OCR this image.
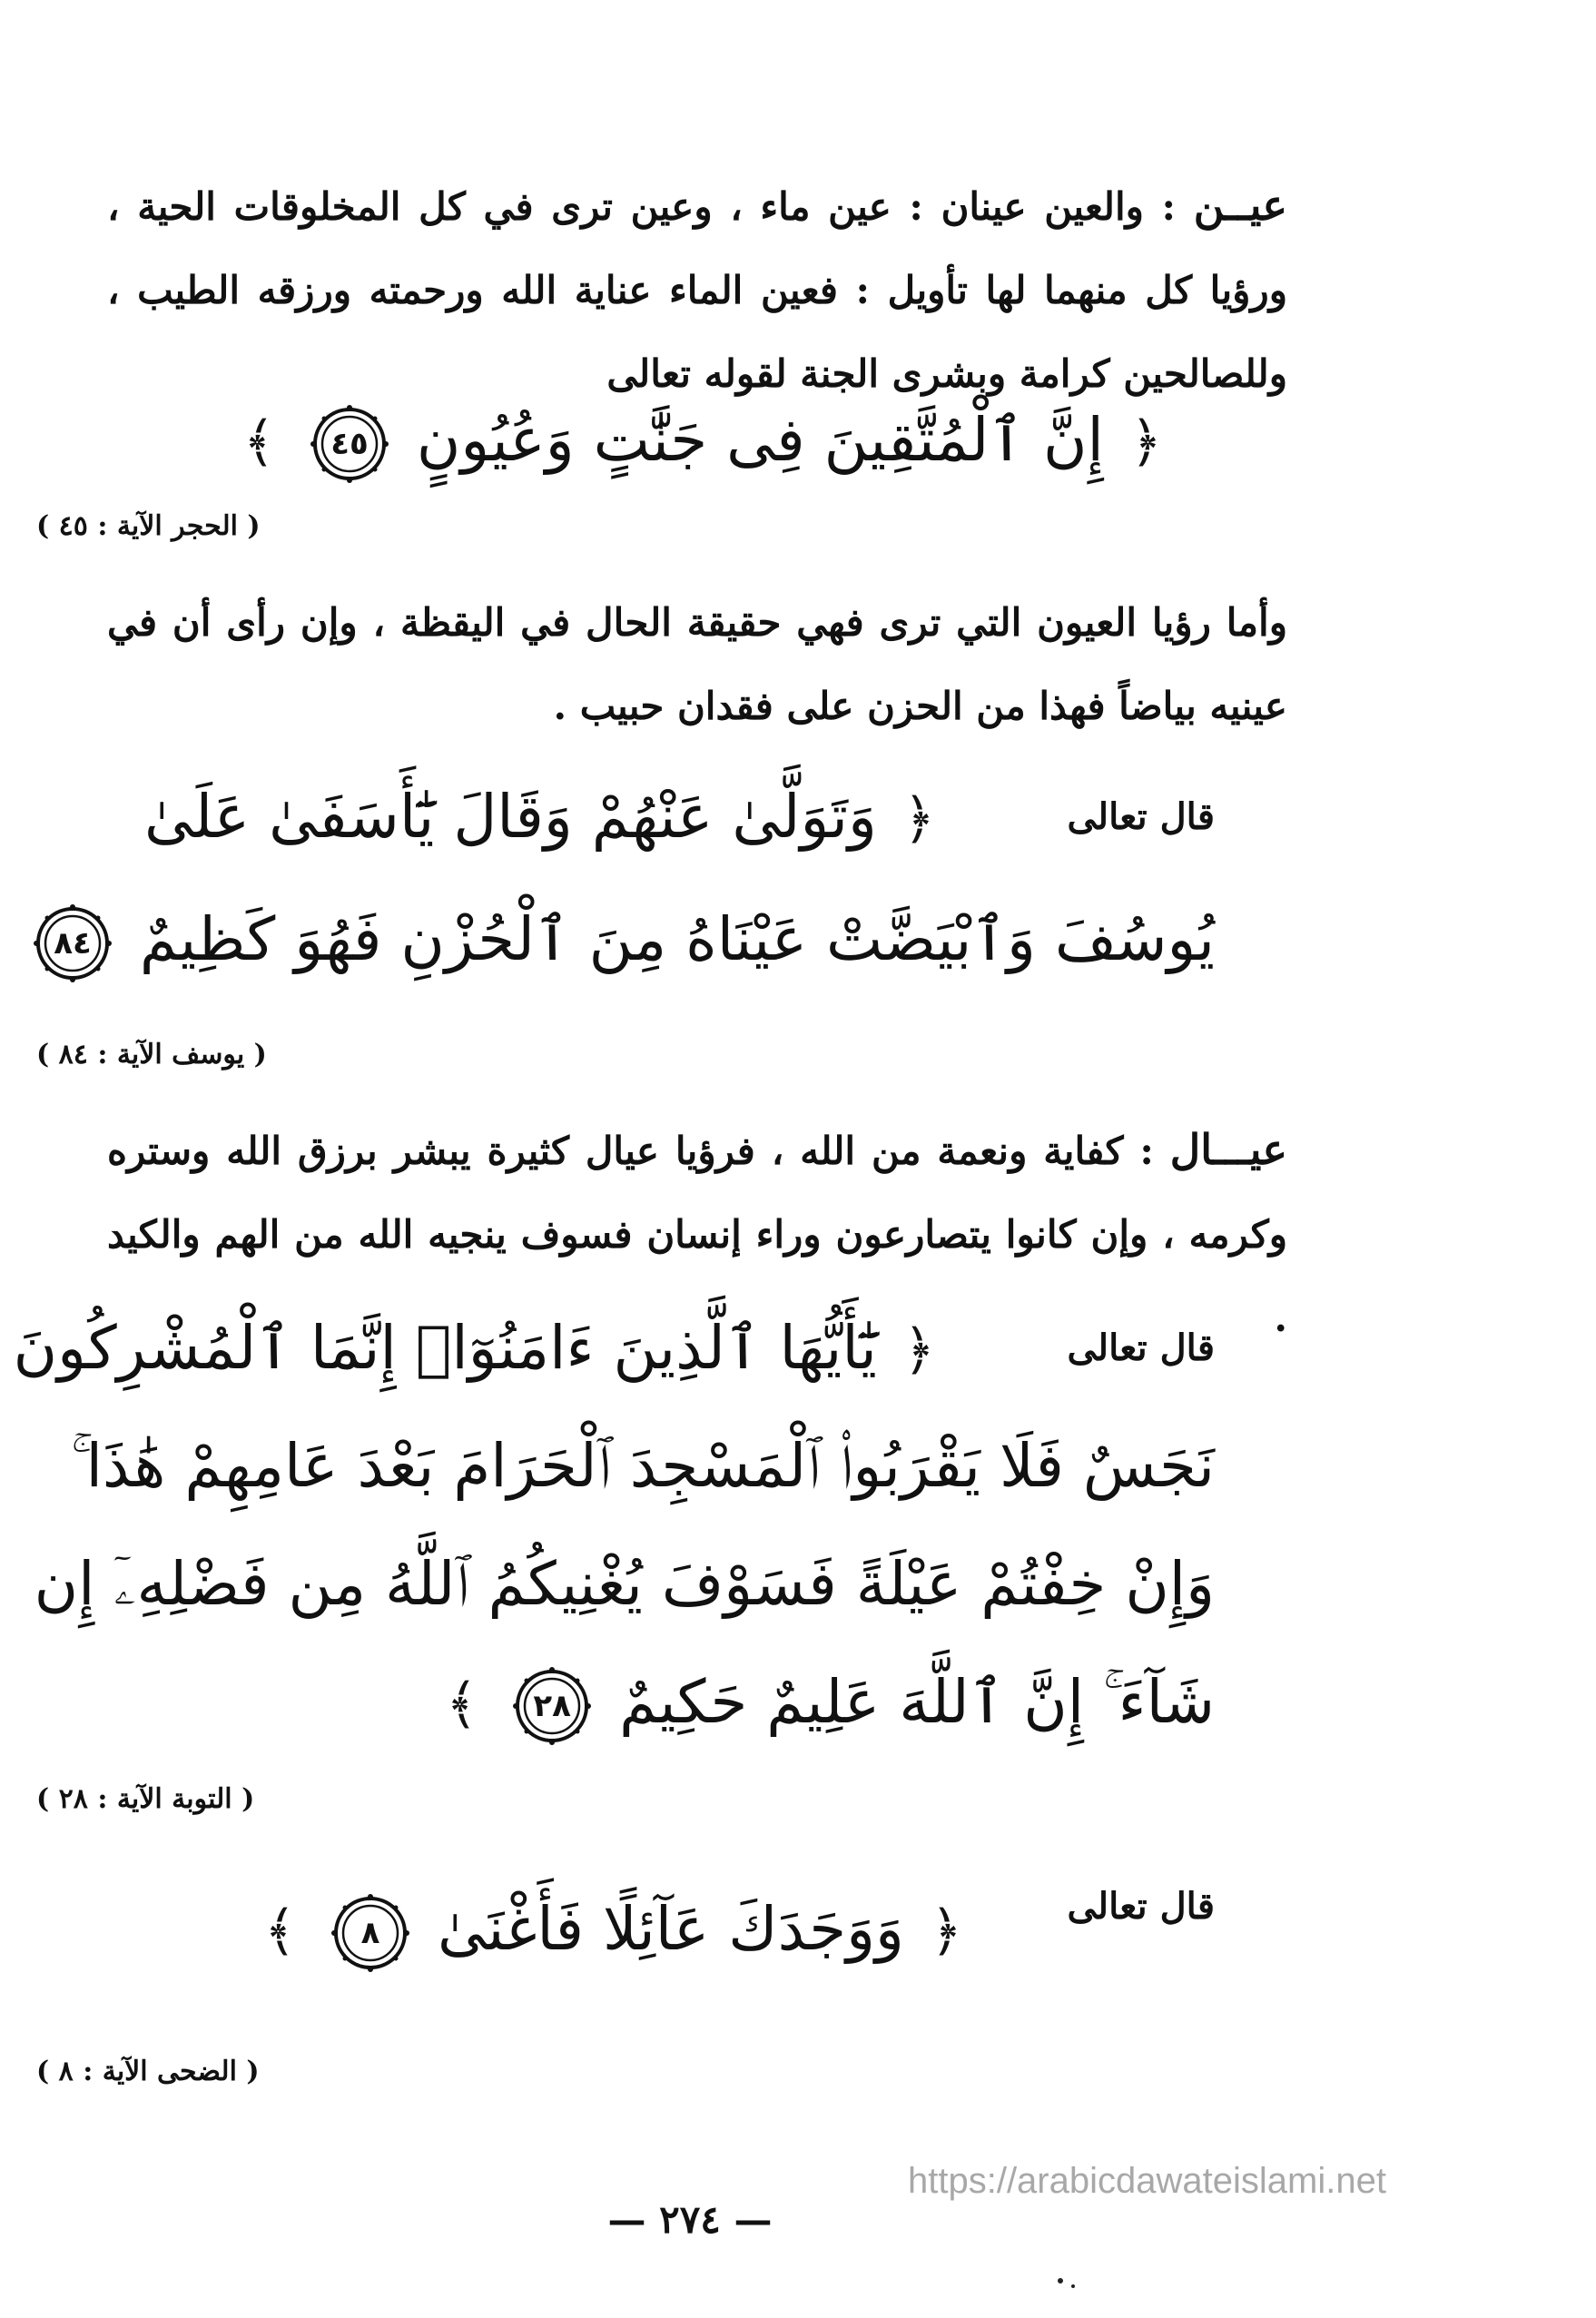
عيــن : والعين عينان : عين ماء ، وعين ترى في كل المخلوقات الحية ، ورؤيا كل منهما لها تأويل : فعين الماء عناية الله ورحمته ورزقه الطيب ، وللصالحين كرامة وبشرى الجنة لقوله تعالى
﴿ إِنَّ ٱلْمُتَّقِينَ فِى جَنَّٰتٍ وَعُيُونٍ
٤٥
﴾
( الحجر الآية : ٤٥ )
وأما رؤيا العيون التي ترى فهي حقيقة الحال في اليقظة ، وإن رأى أن في عينيه بياضاً فهذا من الحزن على فقدان حبيب .
قال تعالى
﴿ وَتَوَلَّىٰ عَنْهُمْ وَقَالَ يَٰٓأَسَفَىٰ عَلَىٰ
يُوسُفَ وَٱبْيَضَّتْ عَيْنَاهُ مِنَ ٱلْحُزْنِ فَهُوَ كَظِيمٌ
٨٤
( يوسف الآية : ٨٤ )
عيـــال : كفاية ونعمة من الله ، فرؤيا عيال كثيرة يبشر برزق الله وستره وكرمه ، وإن كانوا يتصارعون وراء إنسان فسوف ينجيه الله من الهم والكيد .
قال تعالى
﴿ يَٰٓأَيُّهَا ٱلَّذِينَ ءَامَنُوٓا۟ إِنَّمَا ٱلْمُشْرِكُونَ
نَجَسٌ فَلَا يَقْرَبُوا۟ ٱلْمَسْجِدَ ٱلْحَرَامَ بَعْدَ عَامِهِمْ هَٰذَا ۚ
وَإِنْ خِفْتُمْ عَيْلَةً فَسَوْفَ يُغْنِيكُمُ ٱللَّهُ مِن فَضْلِهِۦٓ إِن
شَآءَ ۚ إِنَّ ٱللَّهَ عَلِيمٌ حَكِيمٌ
٢٨
﴾
( التوبة الآية : ٢٨ )
قال تعالى
﴿ وَوَجَدَكَ عَآئِلًا فَأَغْنَىٰ
٨
﴾
( الضحى الآية : ٨ )
https://arabicdawateislami.net
— ٢٧٤ —
